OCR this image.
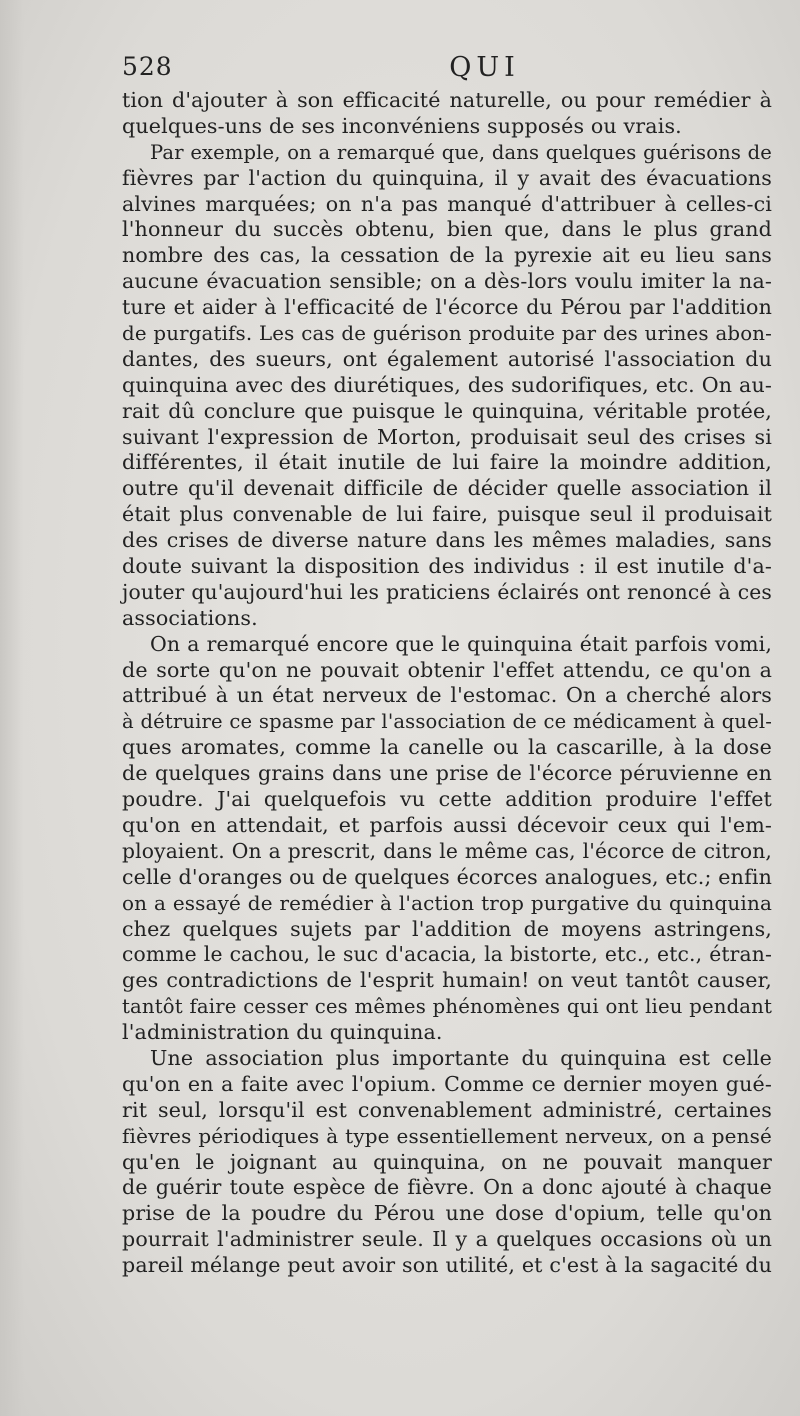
528	QUI
tion d'ajouter à son efficacité naturelle, ou pour remédier à
quelques-uns de ses inconvéniens supposés ou vrais.
Par exemple, on a remarqué que, dans quelques guérisons de
fièvres par l'action du quinquina, il y avait des évacuations
alvines marquées; on n'a pas manqué d'attribuer à celles-ci
l'honneur du succès obtenu, bien que, dans le plus grand
nombre des cas, la cessation de la pyrexie ait eu lieu sans
aucune évacuation sensible; on a dès-lors voulu imiter la na-
ture et aider à l'efficacité de l'écorce du Pérou par l'addition
de purgatifs. Les cas de guérison produite par des urines abon-
dantes, des sueurs, ont également autorisé l'association du
quinquina avec des diurétiques, des sudorifiques, etc. On au-
rait dû conclure que puisque le quinquina, véritable protée,
suivant l'expression de Morton, produisait seul des crises si
différentes, il était inutile de lui faire la moindre addition,
outre qu'il devenait difficile de décider quelle association il
était plus convenable de lui faire, puisque seul il produisait
des crises de diverse nature dans les mêmes maladies, sans
doute suivant la disposition des individus : il est inutile d'a-
jouter qu'aujourd'hui les praticiens éclairés ont renoncé à ces
associations.
On a remarqué encore que le quinquina était parfois vomi,
de sorte qu'on ne pouvait obtenir l'effet attendu, ce qu'on a
attribué à un état nerveux de l'estomac. On a cherché alors
à détruire ce spasme par l'association de ce médicament à quel-
ques aromates, comme la canelle ou la cascarille, à la dose
de quelques grains dans une prise de l'écorce péruvienne en
poudre. J'ai quelquefois vu cette addition produire l'effet
qu'on en attendait, et parfois aussi décevoir ceux qui l'em-
ployaient. On a prescrit, dans le même cas, l'écorce de citron,
celle d'oranges ou de quelques écorces analogues, etc.; enfin
on a essayé de remédier à l'action trop purgative du quinquina
chez quelques sujets par l'addition de moyens astringens,
comme le cachou, le suc d'acacia, la bistorte, etc., etc., étran-
ges contradictions de l'esprit humain! on veut tantôt causer,
tantôt faire cesser ces mêmes phénomènes qui ont lieu pendant
l'administration du quinquina.
Une association plus importante du quinquina est celle
qu'on en a faite avec l'opium. Comme ce dernier moyen gué-
rit seul, lorsqu'il est convenablement administré, certaines
fièvres périodiques à type essentiellement nerveux, on a pensé
qu'en le joignant au quinquina, on ne pouvait manquer
de guérir toute espèce de fièvre. On a donc ajouté à chaque
prise de la poudre du Pérou une dose d'opium, telle qu'on
pourrait l'administrer seule. Il y a quelques occasions où un
pareil mélange peut avoir son utilité, et c'est à la sagacité du
